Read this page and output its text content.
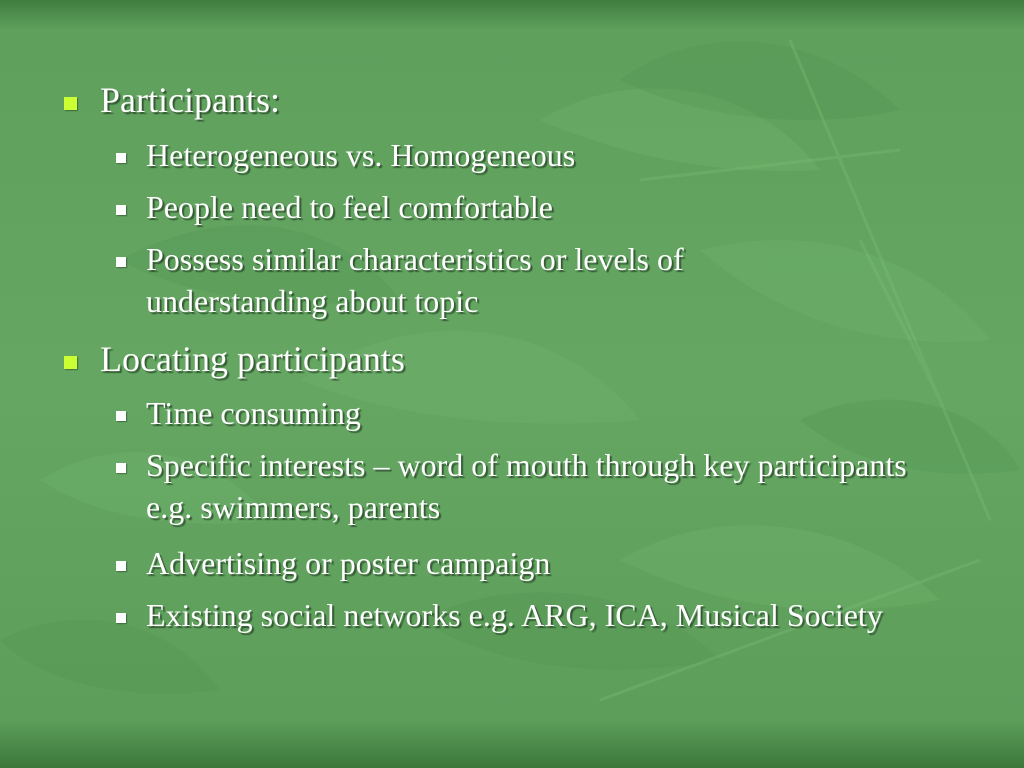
Participants:
Heterogeneous vs. Homogeneous
People need to feel comfortable
Possess similar characteristics or levels of understanding about topic
Locating participants
Time consuming
Specific interests – word of mouth through key participants e.g. swimmers, parents
Advertising or poster campaign
Existing social networks e.g. ARG, ICA, Musical Society
